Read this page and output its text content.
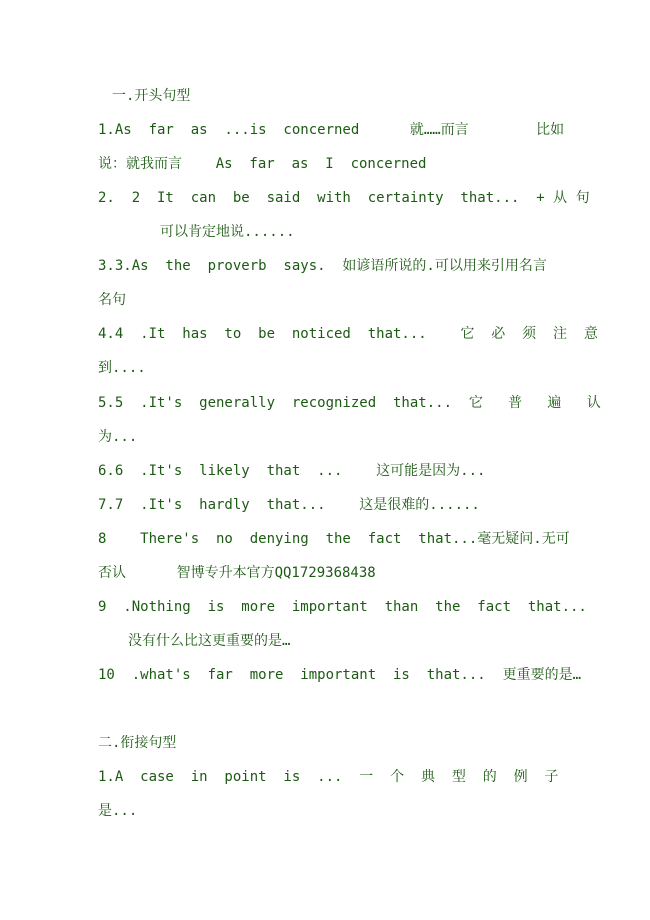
一.开头句型
1.As  far  as  ...is  concerned      就……而言        比如
说：就我而言    As  far  as  I  concerned
2.  2  It  can  be  said  with  certainty  that...  + 从 句
可以肯定地说......
3.3.As  the  proverb  says.  如谚语所说的.可以用来引用名言
名句
4.4  .It  has  to  be  noticed  that...    它  必  须  注  意
到....
5.5  .It's  generally  recognized  that...  它   普   遍   认
为...
6.6  .It's  likely  that  ...    这可能是因为...
7.7  .It's  hardly  that...    这是很难的......
8    There's  no  denying  the  fact  that...毫无疑问.无可
否认      智博专升本官方QQ1729368438
9  .Nothing  is  more  important  than  the  fact  that...
没有什么比这更重要的是…
10  .what's  far  more  important  is  that...  更重要的是…
二.衔接句型
1.A  case  in  point  is  ...  一  个  典  型  的  例  子
是...
